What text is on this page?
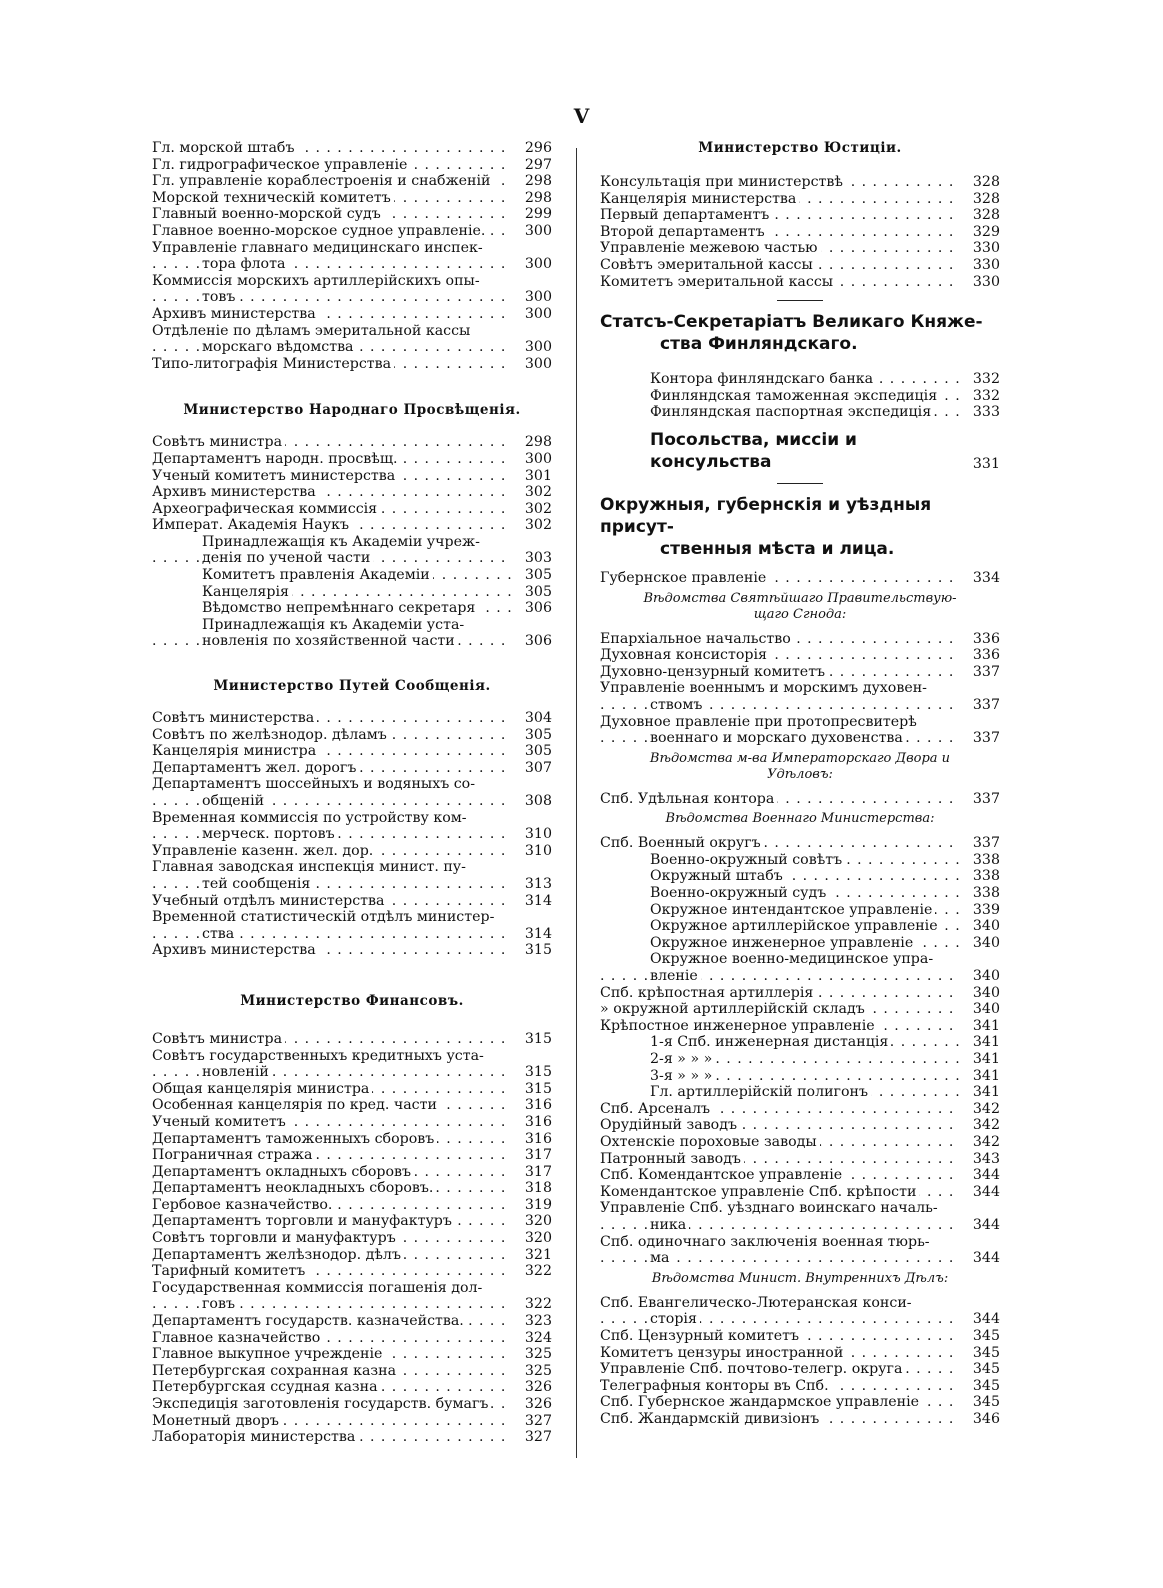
V
Гл. морской штабъ . . .	296
Гл. гидрографическое управленіе . . .	297
Гл. управленіе кораблестроенія и снабженій . . .	298
Морской техническій комитетъ . . .	298
Главный военно-морской судъ . . .	299
Главное военно-морское судное управленіе. . . .	300
Управленіе главнаго медицинскаго инспек-
тора флота . . .	300
Коммиссія морскихъ артиллерійскихъ опы-
товъ . . .	300
Архивъ министерства . . .	300
Отдѣленіе по дѣламъ эмеритальной кассы
морскаго вѣдомства . . .	300
Типо-литографія Министерства . . .	300
Министерство Народнаго Просвѣщенія.
Совѣтъ министра . . .	298
Департаментъ народн. просвѣщ. . . .	300
Ученый комитетъ министерства . . .	301
Архивъ министерства . . .	302
Археографическая коммиссія . . .	302
Императ. Академія Наукъ . . .	302
Принадлежащія къ Академіи учреж-
денія по ученой части . . .	303
Комитетъ правленія Академіи . . .	305
Канцелярія . . .	305
Вѣдомство непремѣннаго секретаря . . .	306
Принадлежащія къ Академіи уста-
новленія по хозяйственной части . . .	306
Министерство Путей Сообщенія.
Совѣтъ министерства . . .	304
Совѣтъ по желѣзнодор. дѣламъ . . .	305
Канцелярія министра . . .	305
Департаментъ жел. дорогъ . . .	307
Департаментъ шоссейныхъ и водяныхъ со-
общеній . . .	308
Временная коммиссія по устройству ком-
мерческ. портовъ . . .	310
Управленіе казенн. жел. дор. . . .	310
Главная заводская инспекція минист. пу-
тей сообщенія . . .	313
Учебный отдѣлъ министерства . . .	314
Временной статистическій отдѣлъ министер-
ства . . .	314
Архивъ министерства . . .	315
Министерство Финансовъ.
Совѣтъ министра . . .	315
Совѣтъ государственныхъ кредитныхъ уста-
новленій . . .	315
Общая канцелярія министра . . .	315
Особенная канцелярія по кред. части . . .	316
Ученый комитетъ . . .	316
Департаментъ таможенныхъ сборовъ . . .	316
Пограничная стража . . .	317
Департаментъ окладныхъ сборовъ . . .	317
Департаментъ неокладныхъ сборовъ. . . .	318
Гербовое казначейство. . . .	319
Департаментъ торговли и мануфактуръ . . .	320
Совѣтъ торговли и мануфактуръ . . .	320
Департаментъ желѣзнодор. дѣлъ . . .	321
Тарифный комитетъ . . .	322
Государственная коммиссія погашенія дол-
говъ . . .	322
Департаментъ государств. казначейства. . . .	323
Главное казначейство . . .	324
Главное выкупное учрежденіе . . .	325
Петербургская сохранная казна . . .	325
Петербургская ссудная казна . . .	326
Экспедиція заготовленія государств. бумагъ . . .	326
Монетный дворъ . . .	327
Лабораторія министерства . . .	327
Министерство Юстиціи.
Консультація при министерствѣ . . .	328
Канцелярія министерства . . .	328
Первый департаментъ . . .	328
Второй департаментъ . . .	329
Управленіе межевою частью . . .	330
Совѣтъ эмеритальной кассы . . .	330
Комитетъ эмеритальной кассы . . .	330
Статсъ-Секретаріатъ Великаго Княже-
ства Финляндскаго.
Контора финляндскаго банка . . .	332
Финляндская таможенная экспедиція . . .	332
Финляндская паспортная экспедиція . . .	333
Посольства, миссіи и консульства	331
Окружныя, губернскія и уѣздныя присут-
ственныя мѣста и лица.
Губернское правленіе . . .	334
Вѣдомства Святѣйшаго Правительствую-
щаго Сгнода:
Епархіальное начальство . . .	336
Духовная консисторія . . .	336
Духовно-цензурный комитетъ . . .	337
Управленіе военнымъ и морскимъ духовен-
ствомъ . . .	337
Духовное правленіе при протопресвитерѣ
военнаго и морскаго духовенства . . .	337
Вѣдомства м-ва Императорскаго Двора и
Удѣловъ:
Спб. Удѣльная контора . . .	337
Вѣдомства Военнаго Министерства:
Спб. Военный округъ . . .	337
Военно-окружный совѣтъ . . .	338
Окружный штабъ . . .	338
Военно-окружный судъ . . .	338
Окружное интендантское управленіе . . .	339
Окружное артиллерійское управленіе . . .	340
Окружное инженерное управленіе . . .	340
Окружное военно-медицинское упра-
вленіе . . .	340
Спб. крѣпостная артиллерія . . .	340
» окружной артиллерійскій складъ . . .	340
Крѣпостное инженерное управленіе . . .	341
1-я Спб. инженерная дистанція . . .	341
2-я » » » . . .	341
3-я » » » . . .	341
Гл. артиллерійскій полигонъ . . .	341
Спб. Арсеналъ . . .	342
Орудійный заводъ . . .	342
Охтенскіе пороховые заводы . . .	342
Патронный заводъ . . .	343
Спб. Комендантское управленіе . . .	344
Комендантское управленіе Спб. крѣпости . . .	344
Управленіе Спб. уѣзднаго воинскаго началь-
ника . . .	344
Спб. одиночнаго заключенія военная тюрь-
ма . . .	344
Вѣдомства Минист. Внутреннихъ Дѣлъ:
Спб. Евангелическо-Лютеранская конси-
сторія . . .	344
Спб. Цензурный комитетъ . . .	345
Комитетъ цензуры иностранной . . .	345
Управленіе Спб. почтово-телегр. округа . . .	345
Телеграфныя конторы въ Спб. . . .	345
Спб. Губернское жандармское управленіе . . .	345
Спб. Жандармскій дивизіонъ . . .	346
